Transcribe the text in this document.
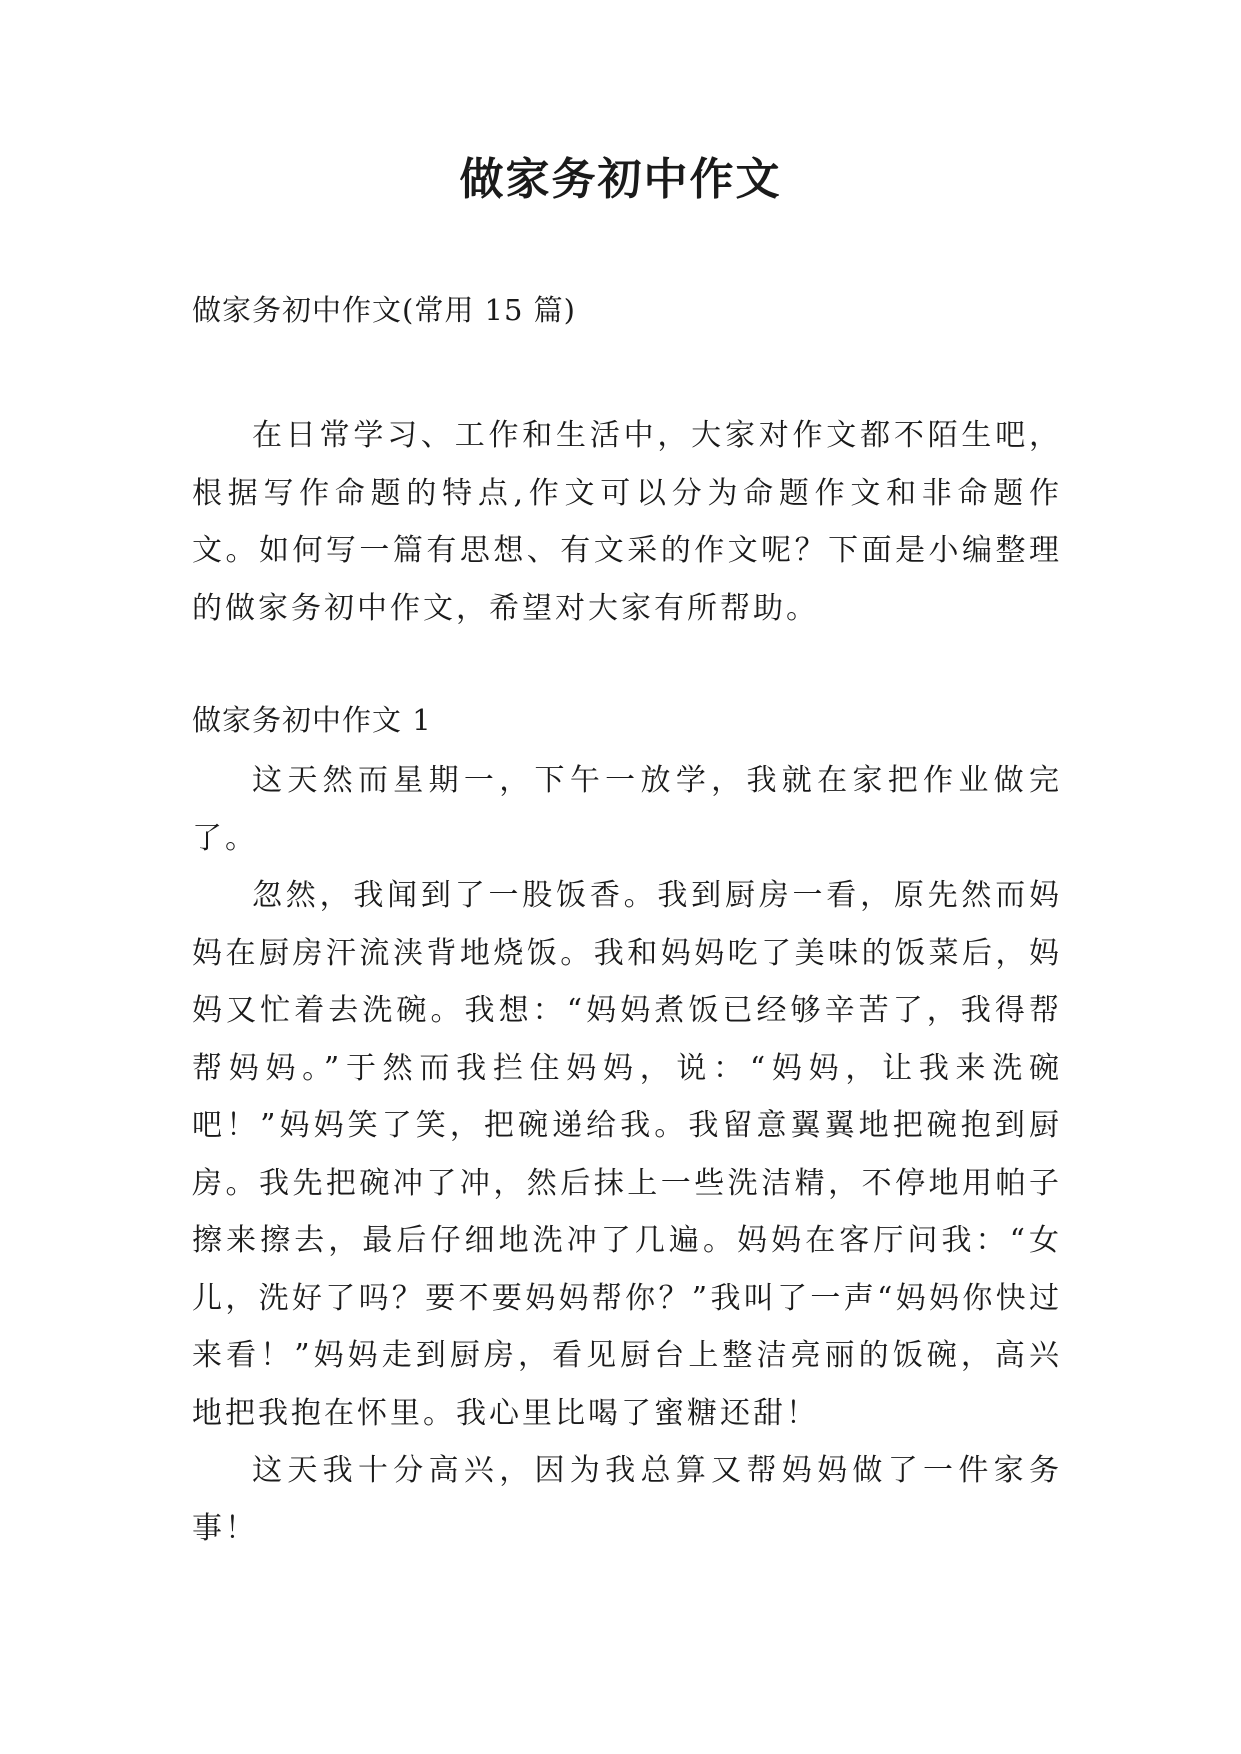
做家务初中作文
做家务初中作文(常用 15 篇)

在日常学习、工作和生活中，大家对作文都不陌生吧，根据写作命题的特点,作文可以分为命题作文和非命题作文。如何写一篇有思想、有文采的作文呢？下面是小编整理的做家务初中作文，希望对大家有所帮助。

做家务初中作文 1

这天然而星期一，下午一放学，我就在家把作业做完了。

忽然，我闻到了一股饭香。我到厨房一看，原先然而妈妈在厨房汗流浃背地烧饭。我和妈妈吃了美味的饭菜后，妈妈又忙着去洗碗。我想：“妈妈煮饭已经够辛苦了，我得帮帮妈妈。”于然而我拦住妈妈，说：“妈妈，让我来洗碗吧！”妈妈笑了笑，把碗递给我。我留意翼翼地把碗抱到厨房。我先把碗冲了冲，然后抹上一些洗洁精，不停地用帕子擦来擦去，最后仔细地洗冲了几遍。妈妈在客厅问我：“女儿，洗好了吗？要不要妈妈帮你？”我叫了一声“妈妈你快过来看！”妈妈走到厨房，看见厨台上整洁亮丽的饭碗，高兴地把我抱在怀里。我心里比喝了蜜糖还甜！

这天我十分高兴，因为我总算又帮妈妈做了一件家务事！
